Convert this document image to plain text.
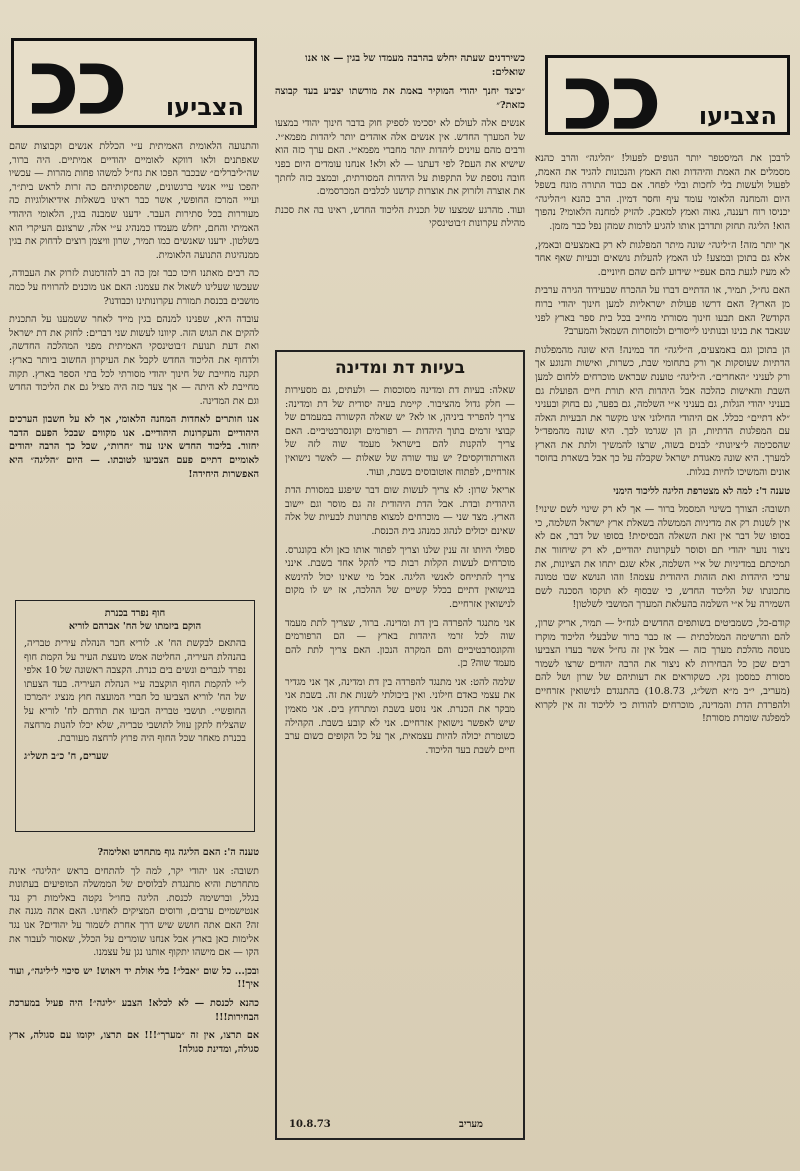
ככ הצביעו

לרבכן את המיסטפר יותר הגופים לפעול! ״הליגה״ והרב כהנא מסמלים את האמת והיהדות ואת האמץ והנכונות להגיד את האמת, לפעול ולעשות בלי לחכות ובלי לפחד. אם כבוד התורה מונח בשפל היום והמחנה הלאומי עומד עיף וחסר דמיון. הרב כהנא ו״הליגה״ יכניסו רוח רעננה, גאוה ואמץ למאבק. להזיק למחנה הלאומי? נהפוך הוא! הליגה תחזק ותדרבן אותו להגיע לרמות שמהן נפל כבר מזמן.

אך יותר מזה! ה״ליגה״ שונה מיתר המפלגות לא רק באמצעים ובאמץ, אלא גם בתוכן ובמצע! לנו האמץ להעלות נושאים ובעיות שאף אחד לא מעיז לגעת בהם אעפ״י שידוע להם שהם חיוניים.

האם גח״ל, תמיר, או הדתיים דברו על ההכרח שבעידוד הגירה ערבית מן הארץ? האם דרשו פעולות ישראליות למען חינוך יהודי ברוח הקודש? האם תבעו חינוך מסורתי מחייב בכל בית ספר בארץ לפני שנאבד את בנינו ובנותינו לייסורים ולמוסרות השמאל והמערב?

הן בתוכן וגם באמצעים, ה״ליגה״ חד במינה! היא שונה מהמפלגות הדתיות שעוסקות אך ורק בתחומי שבת, כשרות, ואישות והנוגע אך ורק לעניני ״האחרים״. ה״ליגה״ טוענת שבראש מוכרחים ללחום למען השבת והאישות כהלכה אבל היהדות היא תורת חיים הפועלת גם בעניני יהודי הגלות, גם בעניני א״י השלמה, גם בפער, גם בחוק ובעניני ״לא דתיים״ ככלל. אם היהודי החילוני אינו מקשר את הבעיות האלה עם המפלגות הדתיות, הן הן שגרמו לכך. היא שונה מהמפד״ל שהסכימה ל״ציונות״ לבנים בשוה, שרצו להמשיך ולתת את הארץ למערך. היא שונה מאגודת ישראל שקבלה על כך אבל בשארת בחוסר אונים והמשיכו לחיות בגלות.

טענה ד': למה לא מצטרפת הליגה לליכוד הימני

תשובה: הצורך בשינוי המסמל ברור — אך לא רק שינוי לשם שינוי! אין לשנות רק את מדיניות הממשלה בשאלת ארץ ישראל השלמה, כי בסופו של דבר אין זאת השאלה הבסיסית! בסופו של דבר, אם לא ניצור נוער יהודי תם וסוסר לעקרונות יהודיים, לא רק שיחזור את תמיכתם במדיניות של א״י השלמה, אלא שגם יתחו את הציונות, את ערכי היהדות ואת הזהות היהודית עצמה! וזהו הנושא שבו טמונה מתכונתו של הליכוד החדש, כי שבסוף לא תוקסו הסכנה לשם השמירה על א״י השלמה בהעלאת המערך המושבי לשלטון!

קודם-כל, כשמביטים בשותפים החדשים לגח״ל — תמיר, אריק שרון, להם והרשימה הממלכתית — אז כבר ברור שלבעלי הליכוד מוקרז מנוסה מהלכת מערך כזה — אבל אין זה גח״ל אשר בעדו הצביעו רבים שכן כל הבחירות לא ניצור את הרבה יהודים שרצו לשמור מסורת כמסמן נקי. כשקוראים את דעותיהם של שרון ושל להם (מעריב, י״ב מ״א תשל״ג, 10.8.73) בהתנגדם לנישואין אזרחיים ולהפרדת הדת והמדינה, מוכרחים להודות כי לליכוד זה אין לקרוא למפלגה שומרת מסורת!

כשירדנים שעתה יחלש בהרבה מעמדו של בגין — או אנו שואלים:

״כיצד יחנך יהודי המוקיר באמת את מורשתו יצביע בעד קבוצה כזאת?״

אנשים אלה לעולם לא יסכימו לספיק חוק בדבר חינוך יהודי במצעו של המערך החדש. אין אנשים אלה אוהדים יותר ליהדות מפמא״י. ורבים מהם עוינים ליהדות יותר מחברי מפמא״י. האם ערך כזה הוא שישיא את העם? לפי דעתנו — לא ולא! אנחנו עומדים היום בפני חובה נוספת של התקפות על היהדות המסורתית, ובמצב כזה לחתך את אוצרה ולזרוק את אוצרות קדשנו לכלבים המכרסמים.

ועוד. מהרגע שמצעו של תכנית הליכוד החדש, ראינו בה את סכנת מהילת עקרונות ז׳בוטינסקי

בעיות דת ומדינה

שאלה: בעיות דת ומדינה מסוכסות — ולעתים, גם מסעירות — חלק גדול מהציבור. קיימת בעיה יסודית של דת ומדינה: צריך להפריד ביניהן, או לא? יש שאלה הקשורה במעמדם של קבוצי זרמים בתוך היהדות — רפורמים וקונסרבטיביים. האם צריך להקנות להם בישראל מעמד שוה לזה של האורתודוקסים? יש עוד שורה של שאלות — לאשר נישואין אזרחיים, לפתוח אוטובוסים בשבת, ועוד.

אריאל שרון: לא צריך לעשות שום דבר שיפגע במסורת הדת היהודית ובדת. אבל הדת היהודית זה גם מוסר וגם יישוב הארץ. מצד שני — מוכרחים למצוא פתרונות לבעיות של אלה שאינם יכולים לנהוג כמנהג בית הכנסת.

ספולי היותו זה ענין שלנו וצריך לפתור אותו כאן ולא בקונגרס. מוכרחים לעשות הקלות רבות כדי להקל אחד בשבת. אינני צריך להתייחס לאנשי הליגה. אבל מי שאינו יכול להינשא בנישואין דתיים בכלל קשיים של ההלכה, אז יש לו מקום לנישואין אזרחיים.

אני מתנגד להפרדה בין דת ומדינה. ברור, שצריך לתת מעמד שוה לכל זרמי היהדות בארץ — הם הרפורמים והקונסרבטיביים והם המקרה הנכון. האם צריך לתת להם מעמד שוה? כן.

שלמה להט: אני מתנגד להפרדה בין דת ומדינה, אך אני מגדיר את עצמי כאדם חילוני. ואין ביכולתי לשנות את זה. בשבת אני מבקר את הכנרת. אני נוסע בשבת ומתרחץ בים. אני מאמין שיש לאפשר נישואין אזרחיים. אני לא קובע בשבת. הקהילה כשומרת יכולה להיות עצמאית, אך על כל הקופים כשום ערב חיים לשבת בעד הליכוד.

10.8.73	מעריב
ככ הצביעו

והתנועה הלאומית האמיתית ע״י הכללת אנשים וקבוצות שהם שאפתנים ולאו דווקא לאומיים יהודיים אמיתיים. היה ברור, שה״ליברלים״ שבכבר הפכו את גח״ל למשהו פחות מהרות — עכשיו יהפכו עייי אנשי ברגשונים, שהפסקותיהם כה זרות לראש בית״ר, ועייי המרכז החופשי, אשר כבר ראינו בשאלות אידיאולוגיות כה מעוררות בכל סתירות העבר. ידענו שמבנה בגין, הלאומי היהודי האמיתי והחם, יחלש מעמדו כמנהיג ע״י אלה, שרצונם העיקרי הוא בשלטון. ידענו שאנשים כמו תמיר, שרון וויצמן רוצים לדחוק את בגין ממנהיגות התנועה הלאומית.

כה רבים מאתנו חיכו כבר זמן כה רב להזדמנות לזרוק את העבודה, שעכשו שעלינו לשאול את עצמנו: האם אנו מוכנים להרוויח על כמה מושבים בכנסת תמורת עקרונותינו וכבודנו?

עובדה היא, שפנינו למנהם בגין מייד לאחר ששמענו על התכנית להקים את הגוש הזה. קיוונו לעשות שני דברים: לחזק את דת ישראל ואת דעת תנועת ז׳בוטינסקי האמיתית מפני המהלכה החדשה, ולדחוף את הליכוד החדש לקבל את העיקרון החשוב ביותר בארץ: תקנה מחייבת של חינוך יהודי מסורתי לכל בתי הספר בארץ. תקוה מחייבת לא היתה — אך צעד כזה היה מציל גם את הליכוד החדש וגם את המדינה.

אנו חותרים לאחדות המחנה הלאומי, אך לא על חשבון הערכים היהודיים והעקרונות היהודיים. אנו מקווים שבכל הפעם הדבר יחזור. בליכוד החדש אינו עוד ״חרות״, שכל כך הרבה יהודים לאומיים דתיים פעם הצביעו לטובתו. — היום ״הליגה״ היא האפשרות היחידה!

חוף נפרד בכנרת
הוקם ביזמתו של הח' אברהם לוריא

בהתאם לבקשת הח' א. לוריא חבר הנהלת עירית טבריה, בהנהלת העיריה, החליטה אמש מועצת העיר על הקמת חוף נפרד לגברים ונשים בים כנרת. הקצבה ראשונה של 10 אלפי ל״י להקמת החוף הוקצבה ע״י הנהלת העיריה. בעד הצעתו של הח' לוריא הצביעו כל חברי המועצה חוץ מנציג ״המרכז החופשי״. תושבי טבריה הביעו את תודתם לח' לוריא על שהצליח לתקן עוול לתושבי טבריה, שלא יכלו להנות מרחצה בכנרת מאחר שכל החוף היה פרוץ לרחצה מעורבת.

שערים, ח' כ״ב תשל״ג

טענה ה': האם הליגה גוף מתחרט ואלימה?

תשובה: אנו יהודי יקר, למה לך להתחים בראש ״הליגה״ אינה מתחרטת והיא מתנגדת לבלוסים של הממשלה המופיעים בעתונות בגלל, וברשימה לכנסת. הליגה בחו״ל נקטה באלימות רק נגד אנטישמיים ערבים, ורוסים המציקים לאחינו. האם אתה מגנה את זה? האם אתה חושש שיש דרך אחרת לשמור על יהודים? אנו נגד אלימות כאן בארץ אבל אנחנו שומרים על הכלל, שאסור לעבור את הקו — אם מישהו יתקוף אותנו נגן על עצמנו.

ובכן... כל שום ״אבל״! בלי אולת יד ויאוש! יש סיכוי ל״ליגה״, ועוד איך!!

כהנא לכנסת — לא לכלא! הצבע ״ליגה״! היה פעיל במערכת הבחירות!!!

אם תרצו, אין זה ״מערך״!!! אם תרצו, יקומו עם סגולה, ארץ סגולה, ומדינת סגולה!
